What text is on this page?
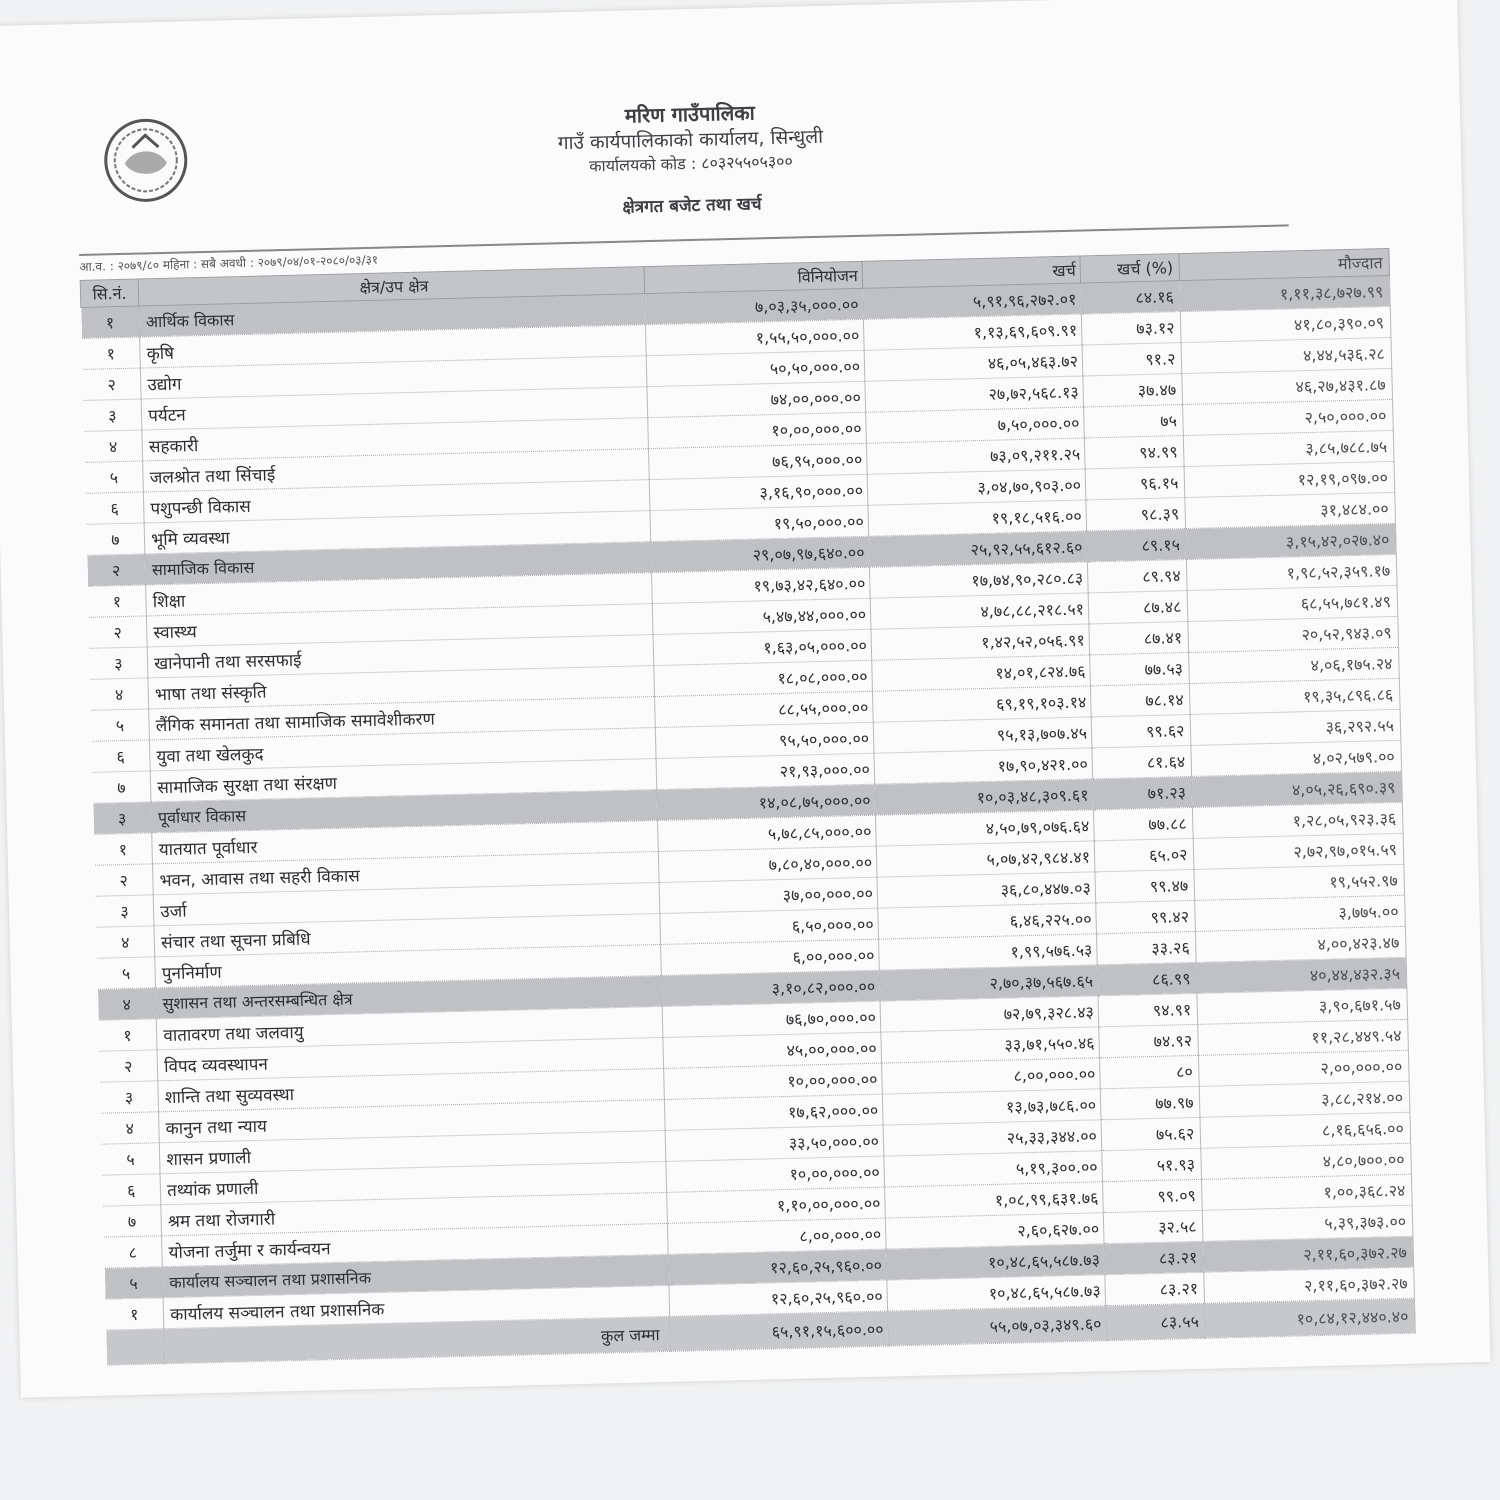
मरिण गाउँपालिका
गाउँ कार्यपालिकाको कार्यालय, सिन्धुली
कार्यालयको कोड : ८०३२५५०५३००
क्षेत्रगत बजेट तथा खर्च
आ.व. : २०७९/८० महिना : सबै अवधी : २०७९/०४/०१-२०८०/०३/३१
सि.नं.	क्षेत्र/उप क्षेत्र	विनियोजन	खर्च	खर्च (%)	मौज्दात
१	आर्थिक विकास	७,०३,३५,०००.००	५,९१,९६,२७२.०१	८४.१६	१,११,३८,७२७.९९
१	कृषि	१,५५,५०,०००.००	१,१३,६९,६०९.९१	७३.१२	४१,८०,३९०.०९
२	उद्योग	५०,५०,०००.००	४६,०५,४६३.७२	९१.२	४,४४,५३६.२८
३	पर्यटन	७४,००,०००.००	२७,७२,५६८.१३	३७.४७	४६,२७,४३१.८७
४	सहकारी	१०,००,०००.००	७,५०,०००.००	७५	२,५०,०००.००
५	जलश्रोत तथा सिंचाई	७६,९५,०००.००	७३,०९,२११.२५	९४.९९	३,८५,७८८.७५
६	पशुपन्छी विकास	३,१६,९०,०००.००	३,०४,७०,९०३.००	९६.१५	१२,१९,०९७.००
७	भूमि व्यवस्था	१९,५०,०००.००	१९,१८,५१६.००	९८.३९	३१,४८४.००
२	सामाजिक विकास	२९,०७,९७,६४०.००	२५,९२,५५,६१२.६०	८९.१५	३,१५,४२,०२७.४०
१	शिक्षा	१९,७३,४२,६४०.००	१७,७४,९०,२८०.८३	८९.९४	१,९८,५२,३५९.१७
२	स्वास्थ्य	५,४७,४४,०००.००	४,७८,८८,२१८.५१	८७.४८	६८,५५,७८१.४९
३	खानेपानी तथा सरसफाई	१,६३,०५,०००.००	१,४२,५२,०५६.९१	८७.४१	२०,५२,९४३.०९
४	भाषा तथा संस्कृति	१८,०८,०००.००	१४,०१,८२४.७६	७७.५३	४,०६,१७५.२४
५	लैंगिक समानता तथा सामाजिक समावेशीकरण	८८,५५,०००.००	६९,१९,१०३.१४	७८.१४	१९,३५,८९६.८६
६	युवा तथा खेलकुद	९५,५०,०००.००	९५,१३,७०७.४५	९९.६२	३६,२९२.५५
७	सामाजिक सुरक्षा तथा संरक्षण	२१,९३,०००.००	१७,९०,४२१.००	८१.६४	४,०२,५७९.००
३	पूर्वाधार विकास	१४,०८,७५,०००.००	१०,०३,४८,३०९.६१	७१.२३	४,०५,२६,६९०.३९
१	यातयात पूर्वाधार	५,७८,८५,०००.००	४,५०,७९,०७६.६४	७७.८८	१,२८,०५,९२३.३६
२	भवन, आवास तथा सहरी विकास	७,८०,४०,०००.००	५,०७,४२,९८४.४१	६५.०२	२,७२,९७,०१५.५९
३	उर्जा	३७,००,०००.००	३६,८०,४४७.०३	९९.४७	१९,५५२.९७
४	संचार तथा सूचना प्रबिधि	६,५०,०००.००	६,४६,२२५.००	९९.४२	३,७७५.००
५	पुननिर्माण	६,००,०००.००	१,९९,५७६.५३	३३.२६	४,००,४२३.४७
४	सुशासन तथा अन्तरसम्बन्धित क्षेत्र	३,१०,८२,०००.००	२,७०,३७,५६७.६५	८६.९९	४०,४४,४३२.३५
१	वातावरण तथा जलवायु	७६,७०,०००.००	७२,७९,३२८.४३	९४.९१	३,९०,६७१.५७
२	विपद व्यवस्थापन	४५,००,०००.००	३३,७१,५५०.४६	७४.९२	११,२८,४४९.५४
३	शान्ति तथा सुव्यवस्था	१०,००,०००.००	८,००,०००.००	८०	२,००,०००.००
४	कानुन तथा न्याय	१७,६२,०००.००	१३,७३,७८६.००	७७.९७	३,८८,२१४.००
५	शासन प्रणाली	३३,५०,०००.००	२५,३३,३४४.००	७५.६२	८,१६,६५६.००
६	तथ्यांक प्रणाली	१०,००,०००.००	५,१९,३००.००	५१.९३	४,८०,७००.००
७	श्रम तथा रोजगारी	१,१०,००,०००.००	१,०८,९९,६३१.७६	९९.०९	१,००,३६८.२४
८	योजना तर्जुमा र कार्यन्वयन	८,००,०००.००	२,६०,६२७.००	३२.५८	५,३९,३७३.००
५	कार्यालय सञ्चालन तथा प्रशासनिक	१२,६०,२५,९६०.००	१०,४८,६५,५८७.७३	८३.२१	२,११,६०,३७२.२७
१	कार्यालय सञ्चालन तथा प्रशासनिक	१२,६०,२५,९६०.००	१०,४८,६५,५८७.७३	८३.२१	२,११,६०,३७२.२७
	कुल जम्मा	६५,९१,१५,६००.००	५५,०७,०३,३४९.६०	८३.५५	१०,८४,१२,४४०.४०
